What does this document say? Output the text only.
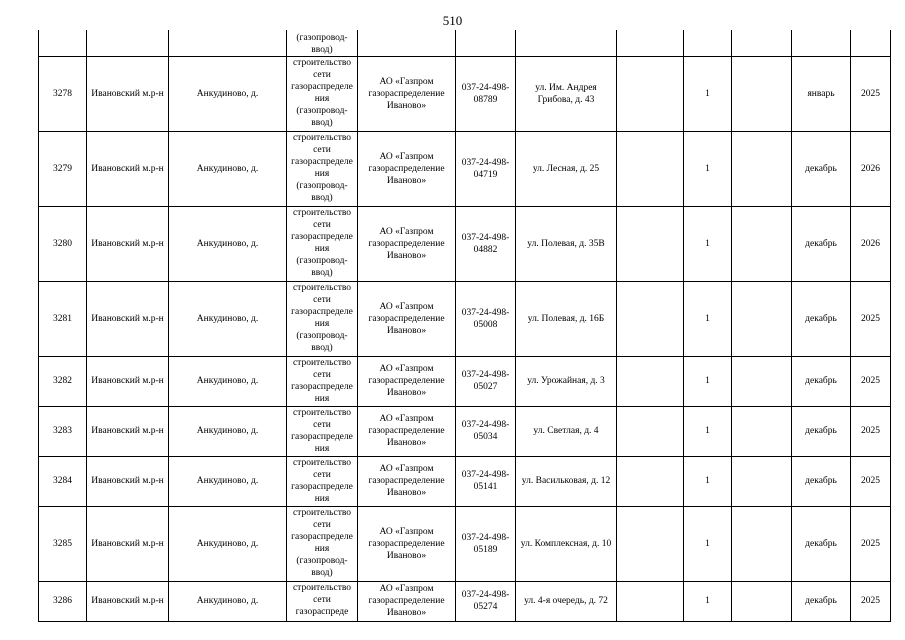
510
			(газопровод-
ввод)								
3278	Ивановский м.р-н	Анкудиново, д.	строительство сети газораспределения (газопровод-ввод)	АО «Газпром газораспределение Иваново»	037-24-498-08789	ул. Им. Андрея Грибова, д. 43		1		январь	2025
3279	Ивановский м.р-н	Анкудиново, д.	строительство сети газораспределения (газопровод-ввод)	АО «Газпром газораспределение Иваново»	037-24-498-04719	ул. Лесная, д. 25		1		декабрь	2026
3280	Ивановский м.р-н	Анкудиново, д.	строительство сети газораспределения (газопровод-ввод)	АО «Газпром газораспределение Иваново»	037-24-498-04882	ул. Полевая, д. 35В		1		декабрь	2026
3281	Ивановский м.р-н	Анкудиново, д.	строительство сети газораспределения (газопровод-ввод)	АО «Газпром газораспределение Иваново»	037-24-498-05008	ул. Полевая, д. 16Б		1		декабрь	2025
3282	Ивановский м.р-н	Анкудиново, д.	строительство сети газораспределения	АО «Газпром газораспределение Иваново»	037-24-498-05027	ул. Урожайная, д. 3		1		декабрь	2025
3283	Ивановский м.р-н	Анкудиново, д.	строительство сети газораспределения	АО «Газпром газораспределение Иваново»	037-24-498-05034	ул. Светлая, д. 4		1		декабрь	2025
3284	Ивановский м.р-н	Анкудиново, д.	строительство сети газораспределения	АО «Газпром газораспределение Иваново»	037-24-498-05141	ул. Васильковая, д. 12		1		декабрь	2025
3285	Ивановский м.р-н	Анкудиново, д.	строительство сети газораспределения (газопровод-ввод)	АО «Газпром газораспределение Иваново»	037-24-498-05189	ул. Комплексная, д. 10		1		декабрь	2025
3286	Ивановский м.р-н	Анкудиново, д.	строительство сети газораспреде	АО «Газпром газораспределение Иваново»	037-24-498-05274	ул. 4-я очередь, д. 72		1		декабрь	2025
